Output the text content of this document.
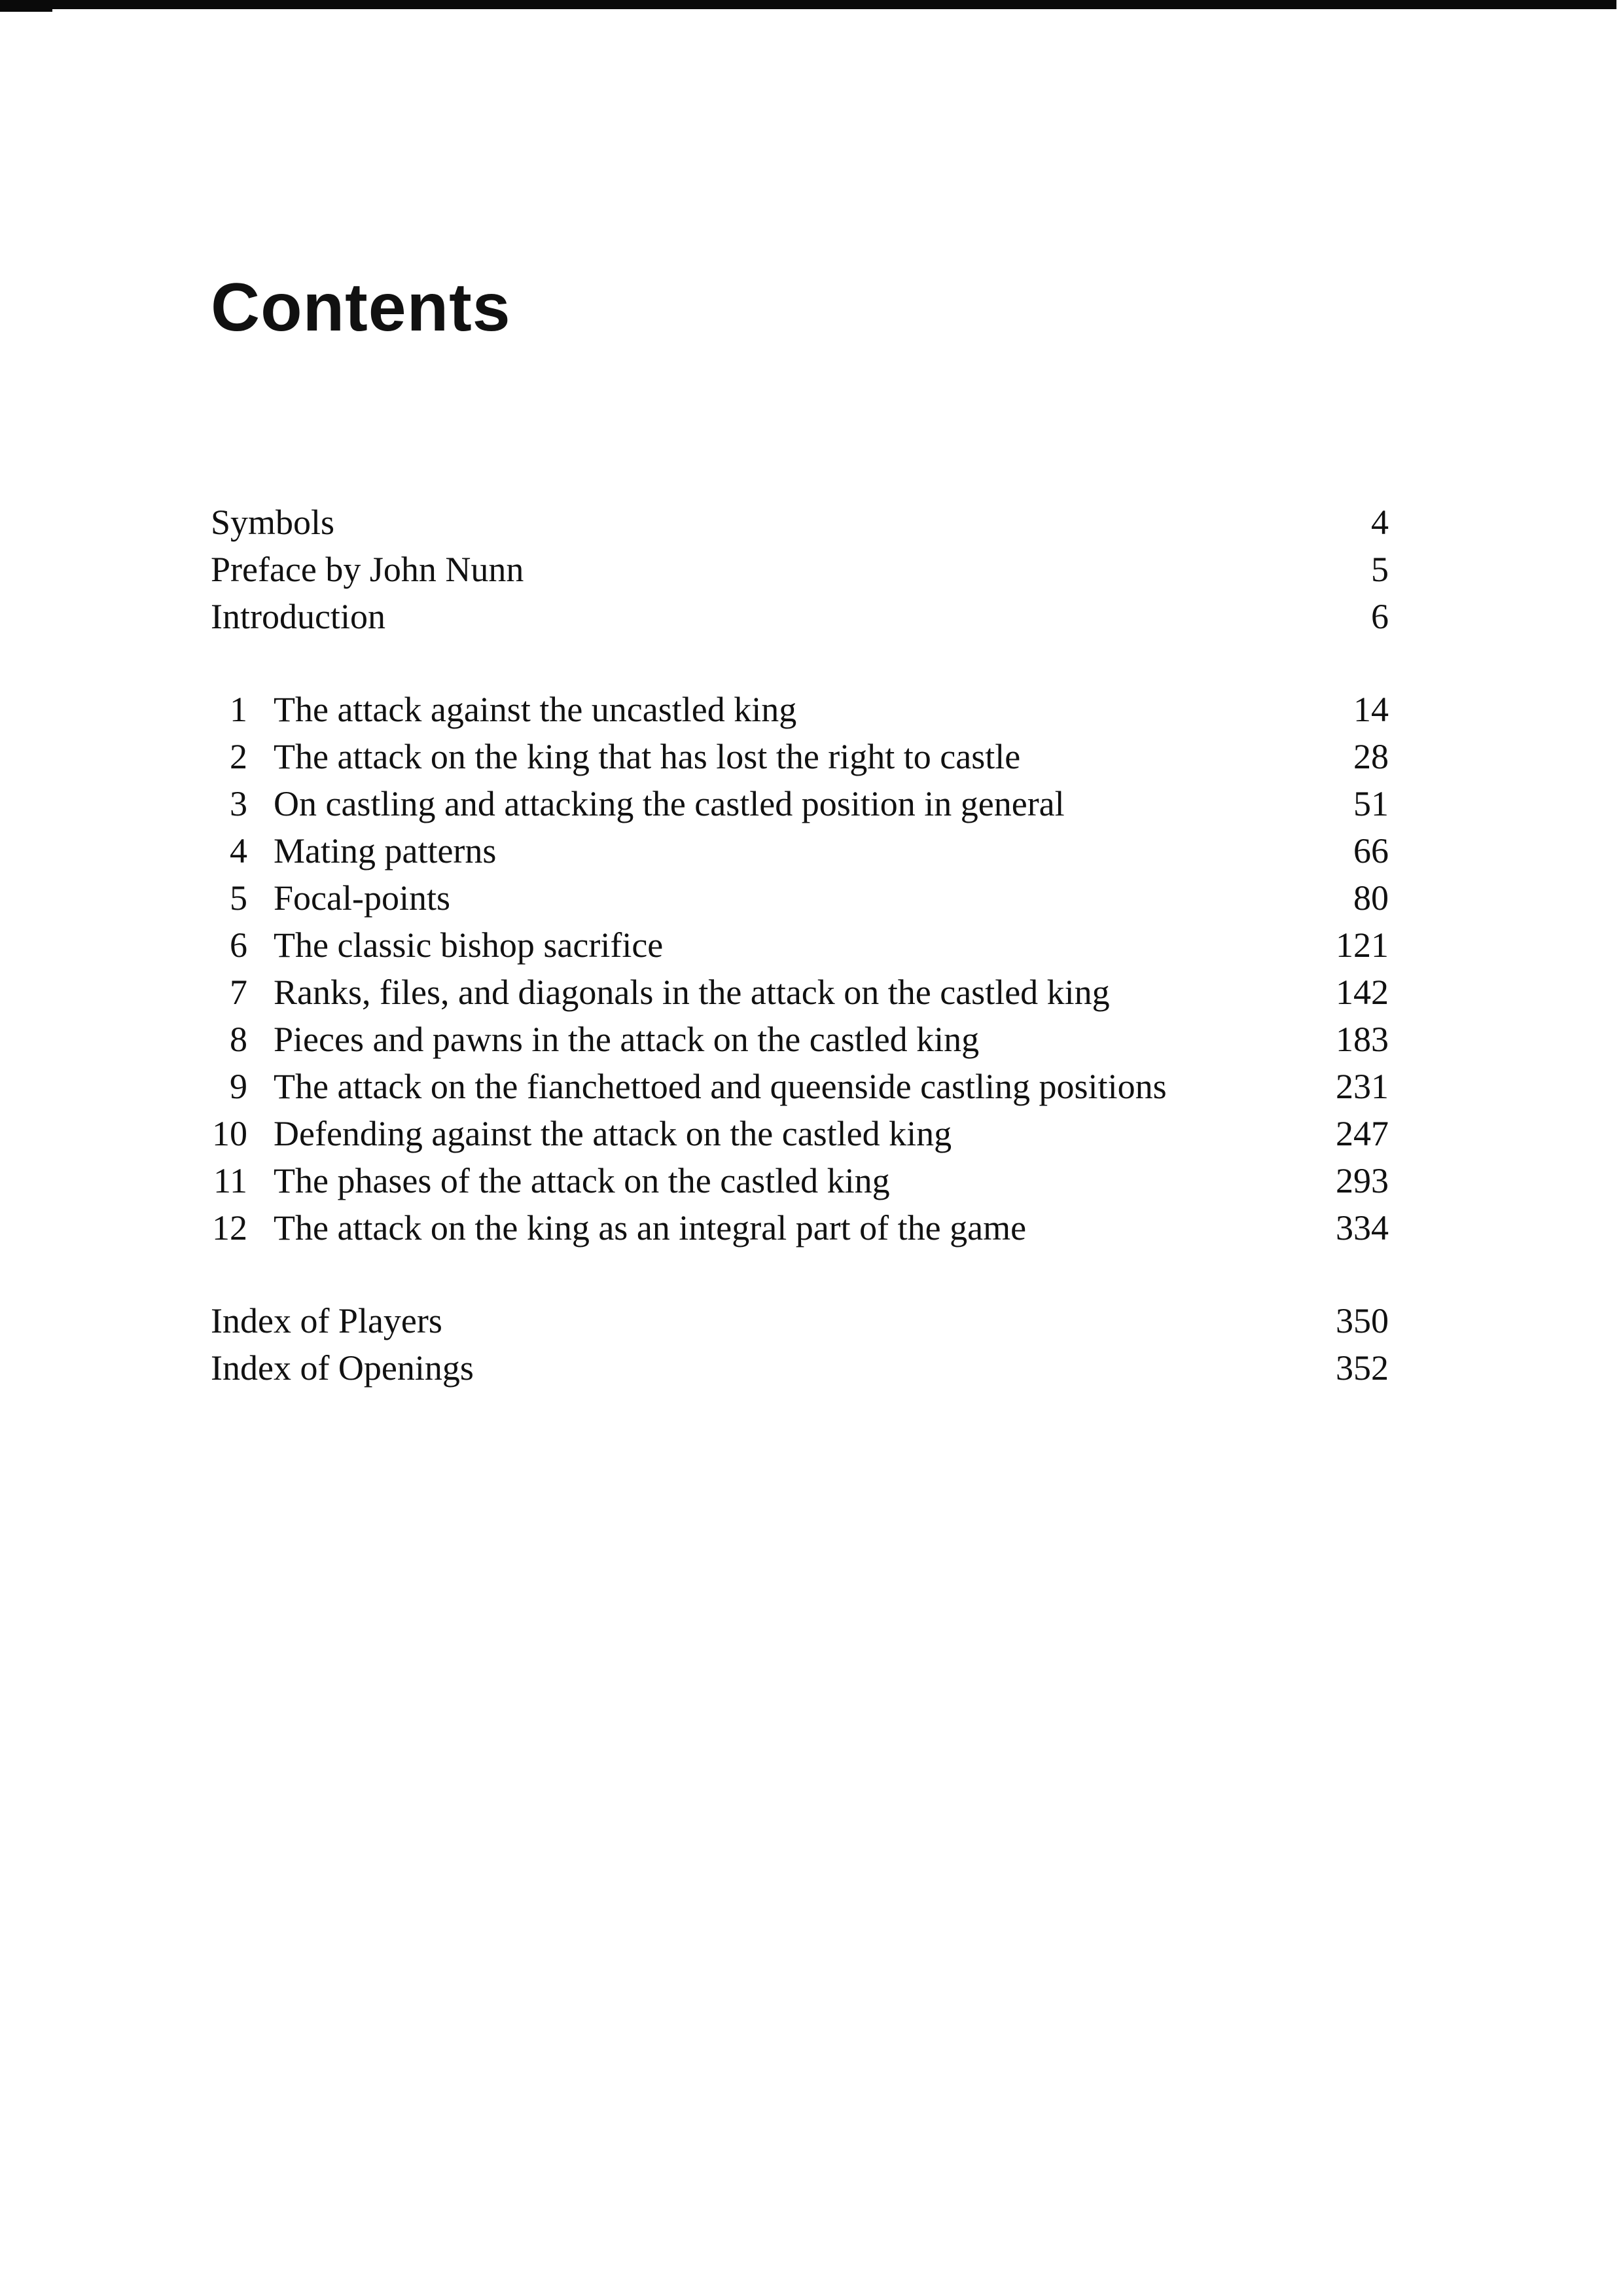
Contents
Symbols	4
Preface by John Nunn	5
Introduction	6
1 The attack against the uncastled king	14
2 The attack on the king that has lost the right to castle	28
3 On castling and attacking the castled position in general	51
4 Mating patterns	66
5 Focal-points	80
6 The classic bishop sacrifice	121
7 Ranks, files, and diagonals in the attack on the castled king	142
8 Pieces and pawns in the attack on the castled king	183
9 The attack on the fianchettoed and queenside castling positions	231
10 Defending against the attack on the castled king	247
11 The phases of the attack on the castled king	293
12 The attack on the king as an integral part of the game	334
Index of Players	350
Index of Openings	352
